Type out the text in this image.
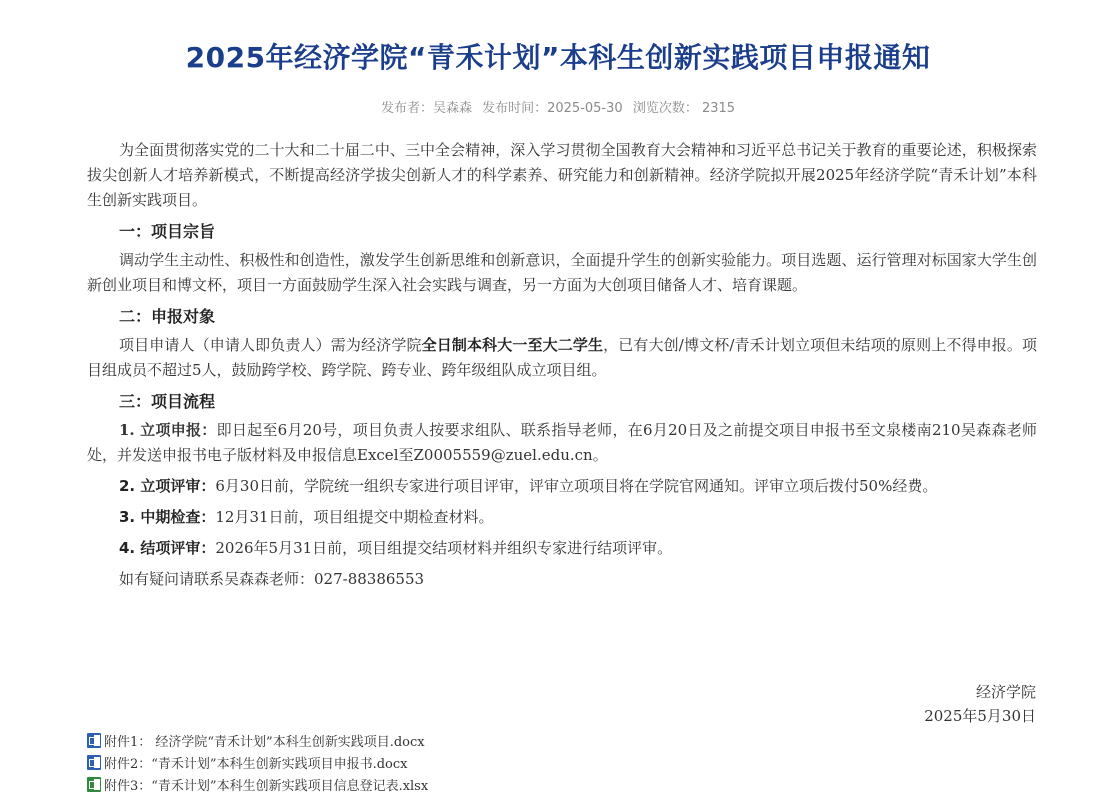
2025年经济学院“青禾计划”本科生创新实践项目申报通知
发布者：吴森森 发布时间：2025-05-30 浏览次数： 2315

为全面贯彻落实党的二十大和二十届二中、三中全会精神，深入学习贯彻全国教育大会精神和习近平总书记关于教育的重要论述，积极探索拔尖创新人才培养新模式，不断提高经济学拔尖创新人才的科学素养、研究能力和创新精神。经济学院拟开展2025年经济学院“青禾计划”本科生创新实践项目。

一：项目宗旨

调动学生主动性、积极性和创造性，激发学生创新思维和创新意识，全面提升学生的创新实验能力。项目选题、运行管理对标国家大学生创新创业项目和博文杯，项目一方面鼓励学生深入社会实践与调查，另一方面为大创项目储备人才、培育课题。

二：申报对象

项目申请人（申请人即负责人）需为经济学院全日制本科大一至大二学生，已有大创/博文杯/青禾计划立项但未结项的原则上不得申报。项目组成员不超过5人，鼓励跨学校、跨学院、跨专业、跨年级组队成立项目组。

三：项目流程

1. 立项申报：即日起至6月20号，项目负责人按要求组队、联系指导老师，在6月20日及之前提交项目申报书至文泉楼南210吴森森老师处，并发送申报书电子版材料及申报信息Excel至Z0005559@zuel.edu.cn。

2. 立项评审：6月30日前，学院统一组织专家进行项目评审，评审立项项目将在学院官网通知。评审立项后拨付50%经费。

3. 中期检查：12月31日前，项目组提交中期检查材料。

4. 结项评审：2026年5月31日前，项目组提交结项材料并组织专家进行结项评审。

如有疑问请联系吴森森老师：027-88386553

经济学院
2025年5月30日
附件1： 经济学院“青禾计划”本科生创新实践项目.docx
附件2：“青禾计划”本科生创新实践项目申报书.docx
附件3：“青禾计划”本科生创新实践项目信息登记表.xlsx
